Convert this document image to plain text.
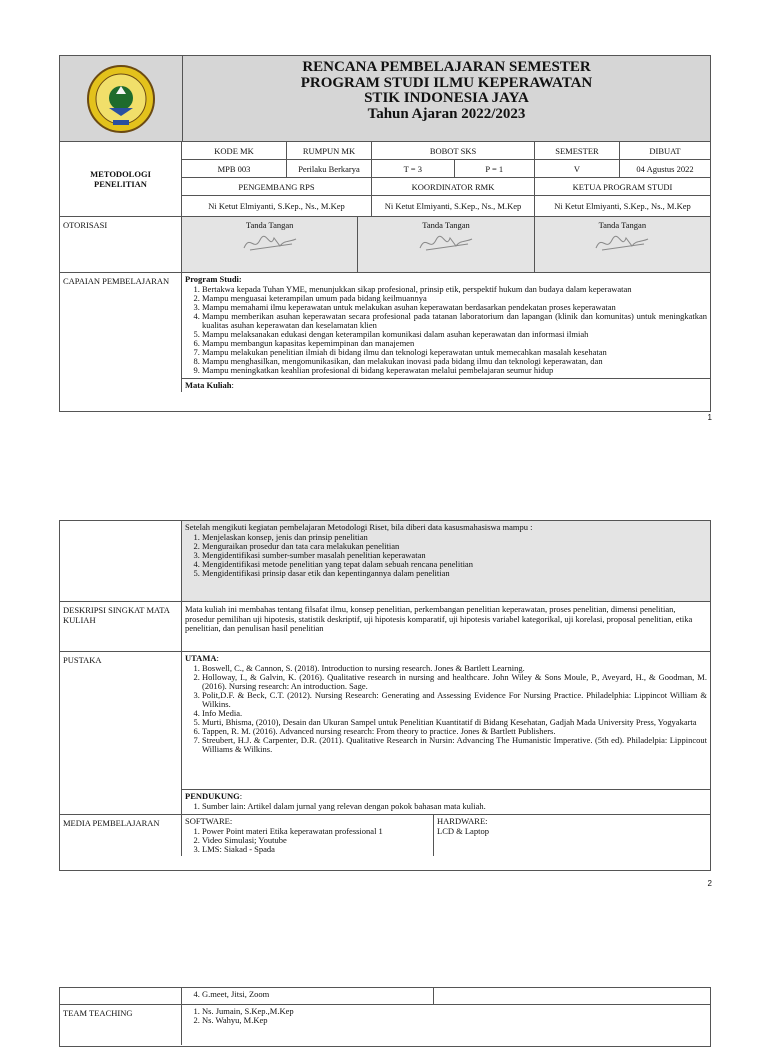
RENCANA PEMBELAJARAN SEMESTER
PROGRAM STUDI ILMU KEPERAWATAN
STIK INDONESIA JAYA
Tahun Ajaran 2022/2023
METODOLOGI PENELITIAN
KODE MK	RUMPUN MK	BOBOT SKS		SEMESTER	DIBUAT
MPB 003	Perilaku Berkarya	T = 3	P = 1	V	04 Agustus 2022
PENGEMBANG RPS		KOORDINATOR RMK		KETUA PROGRAM STUDI	
Ni Ketut Elmiyanti, S.Kep., Ns., M.Kep		Ni Ketut Elmiyanti, S.Kep., Ns., M.Kep		Ni Ketut Elmiyanti, S.Kep., Ns., M.Kep	
OTORISASI	Tanda Tangan	Tanda Tangan	Tanda Tangan
CAPAIAN PEMBELAJARAN	Program Studi:
1. Bertakwa kepada Tuhan YME, menunjukkan sikap profesional, prinsip etik, perspektif hukum dan budaya dalam keperawatan
2. Mampu menguasai keterampilan umum pada bidang keilmuannya
3. Mampu memahami ilmu keperawatan untuk melakukan asuhan keperawatan berdasarkan pendekatan proses keperawatan
4. Mampu memberikan asuhan keperawatan secara profesional pada tatanan laboratorium dan lapangan (klinik dan komunitas) untuk meningkatkan kualitas asuhan keperawatan dan keselamatan klien
5. Mampu melaksanakan edukasi dengan keterampilan komunikasi dalam asuhan keperawatan dan informasi ilmiah
6. Mampu membangun kapasitas kepemimpinan dan manajemen
7. Mampu melakukan penelitian ilmiah di bidang ilmu dan teknologi keperawatan untuk memecahkan masalah kesehatan
8. Mampu menghasilkan, mengomunikasikan, dan melakukan inovasi pada bidang ilmu dan teknologi keperawatan, dan
9. Mampu meningkatkan keahlian profesional di bidang keperawatan melalui pembelajaran seumur hidup
Mata Kuliah:
1
Setelah mengikuti kegiatan pembelajaran Metodologi Riset, bila diberi data kasusmahasiswa mampu :
1. Menjelaskan konsep, jenis dan prinsip penelitian
2. Menguraikan prosedur dan tata cara melakukan penelitian
3. Mengidentifikasi sumber-sumber masalah penelitian keperawatan
4. Mengidentifikasi metode penelitian yang tepat dalam sebuah rencana penelitian
5. Mengidentifikasi prinsip dasar etik dan kepentingannya dalam penelitian
DESKRIPSI SINGKAT MATA KULIAH
Mata kuliah ini membahas tentang filsafat ilmu, konsep penelitian, perkembangan penelitian keperawatan, proses penelitian, dimensi penelitian, prosedur pemilihan uji hipotesis, statistik deskriptif, uji hipotesis komparatif, uji hipotesis variabel kategorikal, uji korelasi, proposal penelitian, etika penelitian, dan penulisan hasil penelitian
PUSTAKA	UTAMA:
1. Boswell, C., & Cannon, S. (2018). Introduction to nursing research. Jones & Bartlett Learning.
2. Holloway, I., & Galvin, K. (2016). Qualitative research in nursing and healthcare. John Wiley & Sons Moule, P., Aveyard, H., & Goodman, M. (2016). Nursing research: An introduction. Sage.
3. Polit,D.F. & Beck, C.T. (2012). Nursing Research: Generating and Assessing Evidence For Nursing Practice. Philadelphia: Lippincot William & Wilkins.
4. Info Media.
5. Murti, Bhisma, (2010), Desain dan Ukuran Sampel untuk Penelitian Kuantitatif di Bidang Kesehatan, Gadjah Mada University Press, Yogyakarta
6. Tappen, R. M. (2016). Advanced nursing research: From theory to practice. Jones & Bartlett Publishers.
7. Streubert, H.J. & Carpenter, D.R. (2011). Qualitative Research in Nursin: Advancing The Humanistic Imperative. (5th ed). Philadelpia: Lippincout Williams & Wilkins.
PENDUKUNG:
1. Sumber lain: Artikel dalam jurnal yang relevan dengan pokok bahasan mata kuliah.
MEDIA PEMBELAJARAN	SOFTWARE:
1. Power Point materi Etika keperawatan professional 1
2. Video Simulasi; Youtube
3. LMS: Siakad - Spada
HARDWARE:
LCD & Laptop
2
4. G.meet, Jitsi, Zoom
TEAM TEACHING	1. Ns. Jumain, S.Kep.,M.Kep
2. Ns. Wahyu, M.Kep
